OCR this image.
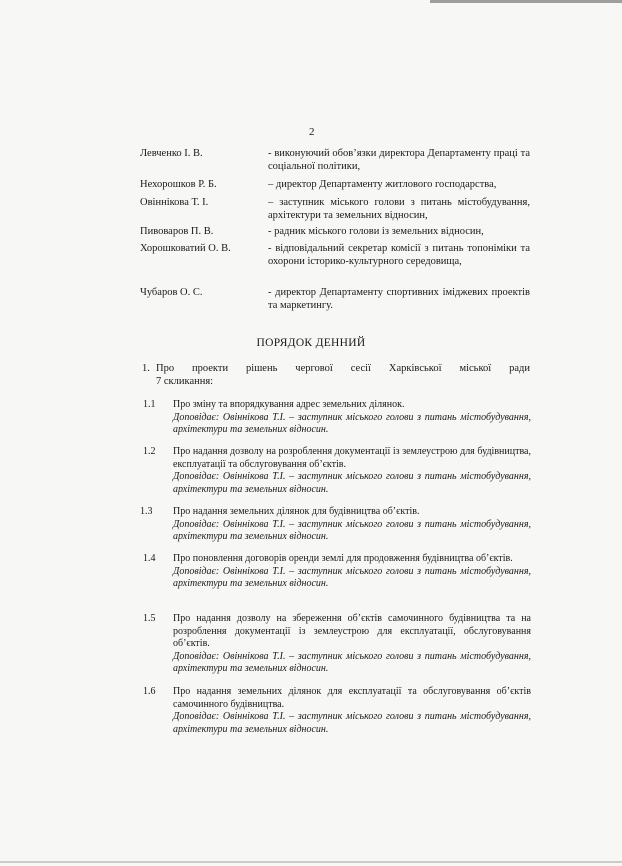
2
Левченко І. В.	- виконуючий обов’язки директора Департаменту праці та соціальної політики,
Нехорошков Р. Б.	– директор Департаменту житлового господарства,
Овіннікова Т. І.	– заступник міського голови з питань містобудування, архітектури та земельних відносин,
Пивоваров П. В.	- радник міського голови із земельних відносин,
Хорошковатий О. В.	- відповідальний секретар комісії з питань топоніміки та охорони історико-культурного середовища,
Чубаров О. С.	- директор Департаменту спортивних іміджевих проектів та маркетингу.
ПОРЯДОК ДЕННИЙ
1. Про проекти рішень чергової сесії Харківської міської ради
7 скликання:
1.1 Про зміну та впорядкування адрес земельних ділянок.
Доповідає: Овіннікова Т.І. – заступник міського голови з питань містобудування, архітектури та земельних відносин.
1.2 Про надання дозволу на розроблення документації із землеустрою для будівництва, експлуатації та обслуговування об’єктів.
Доповідає: Овіннікова Т.І. – заступник міського голови з питань містобудування, архітектури та земельних відносин.
1.3 Про надання земельних ділянок для будівництва об’єктів.
Доповідає: Овіннікова Т.І. – заступник міського голови з питань містобудування, архітектури та земельних відносин.
1.4 Про поновлення договорів оренди землі для продовження будівництва об’єктів.
Доповідає: Овіннікова Т.І. – заступник міського голови з питань містобудування, архітектури та земельних відносин.
1.5 Про надання дозволу на збереження об’єктів самочинного будівництва та на розроблення документації із землеустрою для експлуатації, обслуговування об’єктів.
Доповідає: Овіннікова Т.І. – заступник міського голови з питань містобудування, архітектури та земельних відносин.
1.6 Про надання земельних ділянок для експлуатації та обслуговування об’єктів самочинного будівництва.
Доповідає: Овіннікова Т.І. – заступник міського голови з питань містобудування, архітектури та земельних відносин.
